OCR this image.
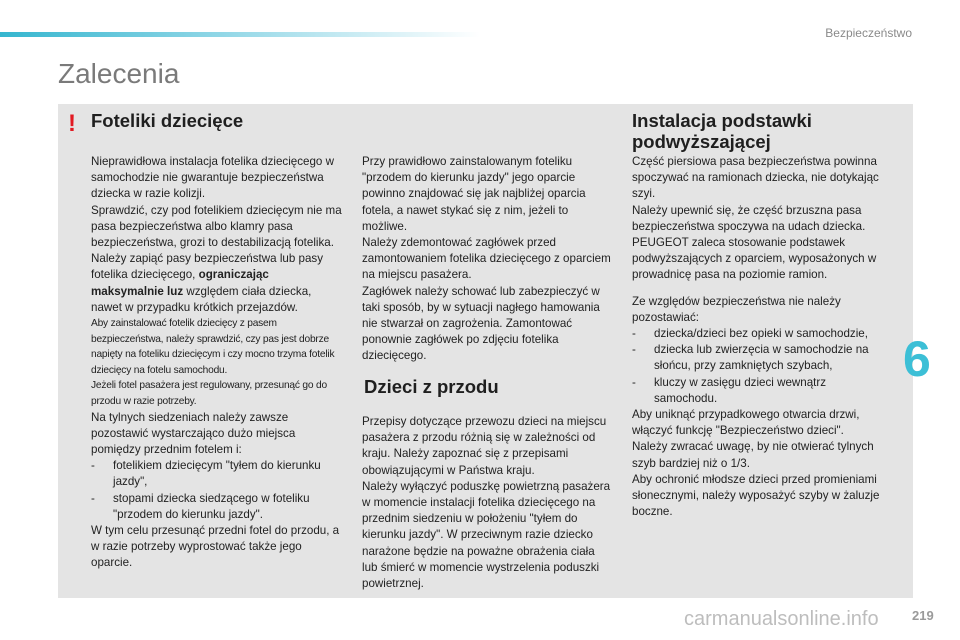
Bezpieczeństwo
Zalecenia
! Foteliki dziecięce

Nieprawidłowa instalacja fotelika dziecięcego w samochodzie nie gwarantuje bezpieczeństwa dziecka w razie kolizji.

Sprawdzić, czy pod fotelikiem dziecięcym nie ma pasa bezpieczeństwa albo klamry pasa bezpieczeństwa, grozi to destabilizacją fotelika.

Należy zapiąć pasy bezpieczeństwa lub pasy fotelika dziecięcego, ograniczając maksymalnie luz względem ciała dziecka, nawet w przypadku krótkich przejazdów.

Aby zainstalować fotelik dziecięcy z pasem bezpieczeństwa, należy sprawdzić, czy pas jest dobrze napięty na foteliku dziecięcym i czy mocno trzyma fotelik dziecięcy na fotelu samochodu.

Jeżeli fotel pasażera jest regulowany, przesunąć go do przodu w razie potrzeby.

Na tylnych siedzeniach należy zawsze pozostawić wystarczająco dużo miejsca pomiędzy przednim fotelem i:

- fotelikiem dziecięcym "tyłem do kierunku jazdy",
- stopami dziecka siedzącego w foteliku "przodem do kierunku jazdy".

W tym celu przesunąć przedni fotel do przodu, a w razie potrzeby wyprostować także jego oparcie.

Przy prawidłowo zainstalowanym foteliku "przodem do kierunku jazdy" jego oparcie powinno znajdować się jak najbliżej oparcia fotela, a nawet stykać się z nim, jeżeli to możliwe.

Należy zdemontować zagłówek przed zamontowaniem fotelika dziecięcego z oparciem na miejscu pasażera.

Zagłówek należy schować lub zabezpieczyć w taki sposób, by w sytuacji nagłego hamowania nie stwarzał on zagrożenia. Zamontować ponownie zagłówek po zdjęciu fotelika dziecięcego.

Dzieci z przodu

Przepisy dotyczące przewozu dzieci na miejscu pasażera z przodu różnią się w zależności od kraju. Należy zapoznać się z przepisami obowiązującymi w Państwa kraju.

Należy wyłączyć poduszkę powietrzną pasażera w momencie instalacji fotelika dziecięcego na przednim siedzeniu w położeniu "tyłem do kierunku jazdy". W przeciwnym razie dziecko narażone będzie na poważne obrażenia ciała lub śmierć w momencie wystrzelenia poduszki powietrznej.

Instalacja podstawki podwyższającej

Część piersiowa pasa bezpieczeństwa powinna spoczywać na ramionach dziecka, nie dotykając szyi.

Należy upewnić się, że część brzuszna pasa bezpieczeństwa spoczywa na udach dziecka.

PEUGEOT zaleca stosowanie podstawek podwyższających z oparciem, wyposażonych w prowadnicę pasa na poziomie ramion.

Ze względów bezpieczeństwa nie należy pozostawiać:

- dziecka/dzieci bez opieki w samochodzie,
- dziecka lub zwierzęcia w samochodzie na słońcu, przy zamkniętych szybach,
- kluczy w zasięgu dzieci wewnątrz samochodu.

Aby uniknąć przypadkowego otwarcia drzwi, włączyć funkcję "Bezpieczeństwo dzieci".

Należy zwracać uwagę, by nie otwierać tylnych szyb bardziej niż o 1/3.

Aby ochronić młodsze dzieci przed promieniami słonecznymi, należy wyposażyć szyby w żaluzje boczne.

6
carmanualsonline.info	219
